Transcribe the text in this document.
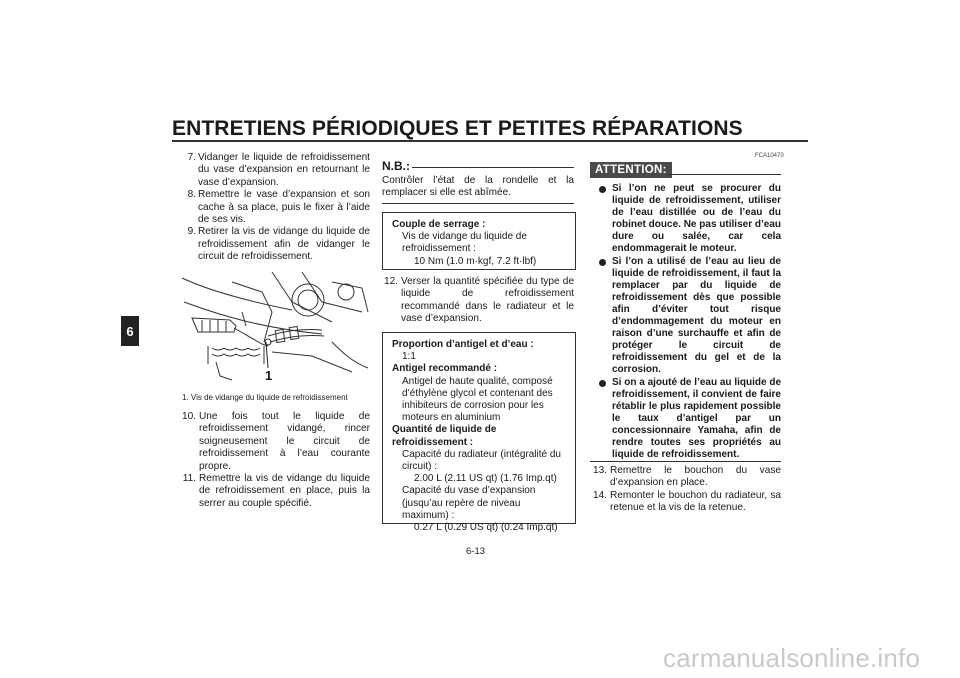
ENTRETIENS PÉRIODIQUES ET PETITES RÉPARATIONS
6
7. Vidanger le liquide de refroidissement du vase d’expansion en retournant le vase d’expansion.
8. Remettre le vase d’expansion et son cache à sa place, puis le fixer à l’aide de ses vis.
9. Retirer la vis de vidange du liquide de refroidissement afin de vidanger le circuit de refroidissement.
1
1. Vis de vidange du liquide de refroidissement
10. Une fois tout le liquide de refroidissement vidangé, rincer soigneusement le circuit de refroidissement à l’eau courante propre.
11. Remettre la vis de vidange du liquide de refroidissement en place, puis la serrer au couple spécifié.
N.B.:
Contrôler l’état de la rondelle et la remplacer si elle est abîmée.
Couple de serrage :
Vis de vidange du liquide de
refroidissement :
10 Nm (1.0 m·kgf, 7.2 ft·lbf)
12. Verser la quantité spécifiée du type de liquide de refroidissement recommandé dans le radiateur et le vase d’expansion.
Proportion d’antigel et d’eau :
1:1
Antigel recommandé :
Antigel de haute qualité, composé d’éthylène glycol et contenant des inhibiteurs de corrosion pour les moteurs en aluminium
Quantité de liquide de
refroidissement :
Capacité du radiateur (intégralité du circuit) :
2.00 L (2.11 US qt) (1.76 Imp.qt)
Capacité du vase d’expansion (jusqu’au repère de niveau maximum) :
0.27 L (0.29 US qt) (0.24 Imp.qt)
FCA10470
ATTENTION:
Si l’on ne peut se procurer du liquide de refroidissement, utiliser de l’eau distillée ou de l’eau du robinet douce. Ne pas utiliser d’eau dure ou salée, car cela endommagerait le moteur.
Si l’on a utilisé de l’eau au lieu de liquide de refroidissement, il faut la remplacer par du liquide de refroidissement dès que possible afin d’éviter tout risque d’endommagement du moteur en raison d’une surchauffe et afin de protéger le circuit de refroidissement du gel et de la corrosion.
Si on a ajouté de l’eau au liquide de refroidissement, il convient de faire rétablir le plus rapidement possible le taux d’antigel par un concessionnaire Yamaha, afin de rendre toutes ses propriétés au liquide de refroidissement.
13. Remettre le bouchon du vase d’expansion en place.
14. Remonter le bouchon du radiateur, sa retenue et la vis de la retenue.
6-13
carmanualsonline.info
